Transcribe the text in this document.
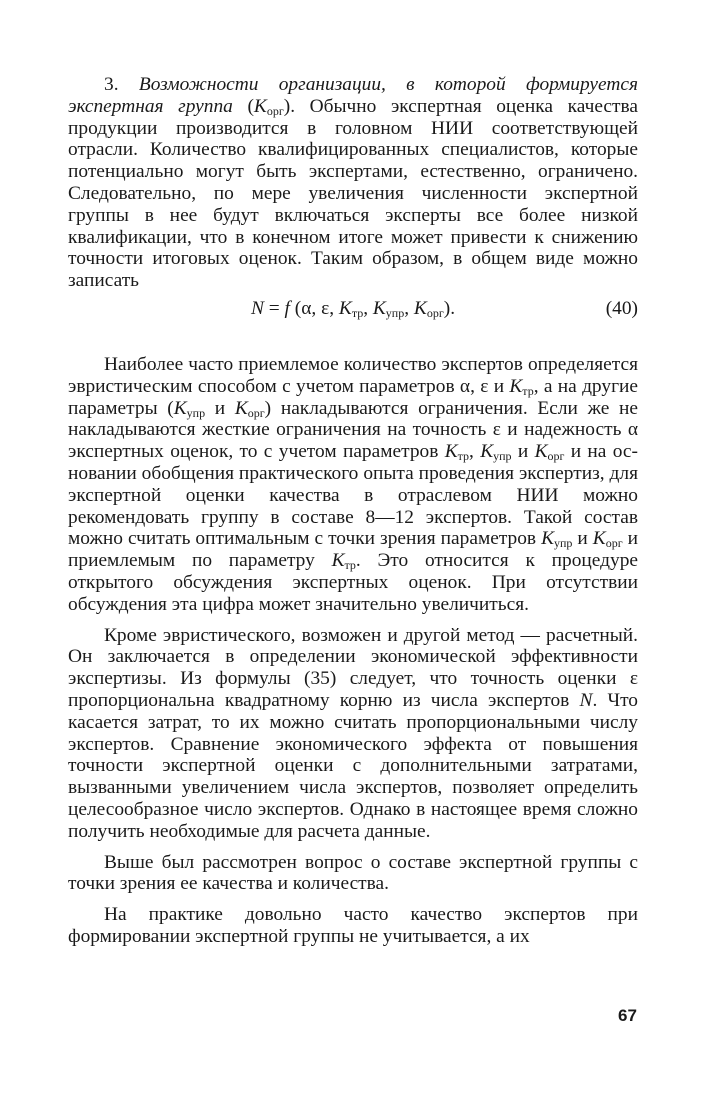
3. Возможности организации, в которой формируется экспертная группа $(К_{орг})$. Обычно экспертная оценка качества продукции производится в головном НИИ соответствующей отрасли. Количество квалифицированных специалистов, которые потенциально могут быть экспертами, естественно, ограничено. Следовательно, по мере увеличения численности экспертной группы в нее будут включаться эксперты все более низкой квалификации, что в конечном итоге может привести к снижению точности итоговых оценок. Таким образом, в общем виде можно записать

N = f (α, ε, $К_{тр}$, $К_{упр}$, $К_{орг}$).	(40)

Наиболее часто приемлемое количество экспертов определяется эвристическим способом с учетом параметров α, ε и $К_{тр}$, а на другие параметры ($К_{упр}$ и $К_{орг}$) накладываются ограничения. Если же не накладываются жесткие ограничения на точность ε и надежность α экспертных оценок, то с учетом параметров $К_{тр}$, $К_{упр}$ и $К_{орг}$ и на основании обобщения практического опыта проведения экспертиз, для экспертной оценки качества в отраслевом НИИ можно рекомендовать группу в составе 8—12 экспертов. Такой состав можно считать оптимальным с точки зрения параметров $К_{упр}$ и $К_{орг}$ и приемлемым по параметру $К_{тр}$. Это относится к процедуре открытого обсуждения экспертных оценок. При отсутствии обсуждения эта цифра может значительно увеличиться.

Кроме эвристического, возможен и другой метод — расчетный. Он заключается в определении экономической эффективности экспертизы. Из формулы (35) следует, что точность оценки ε пропорциональна квадратному корню из числа экспертов N. Что касается затрат, то их можно считать пропорциональными числу экспертов. Сравнение экономического эффекта от повышения точности экспертной оценки с дополнительными затратами, вызванными увеличением числа экспертов, позволяет определить целесообразное число экспертов. Однако в настоящее время сложно получить необходимые для расчета данные.

Выше был рассмотрен вопрос о составе экспертной группы с точки зрения ее качества и количества.

На практике довольно часто качество экспертов при формировании экспертной группы не учитывается, а их

67
